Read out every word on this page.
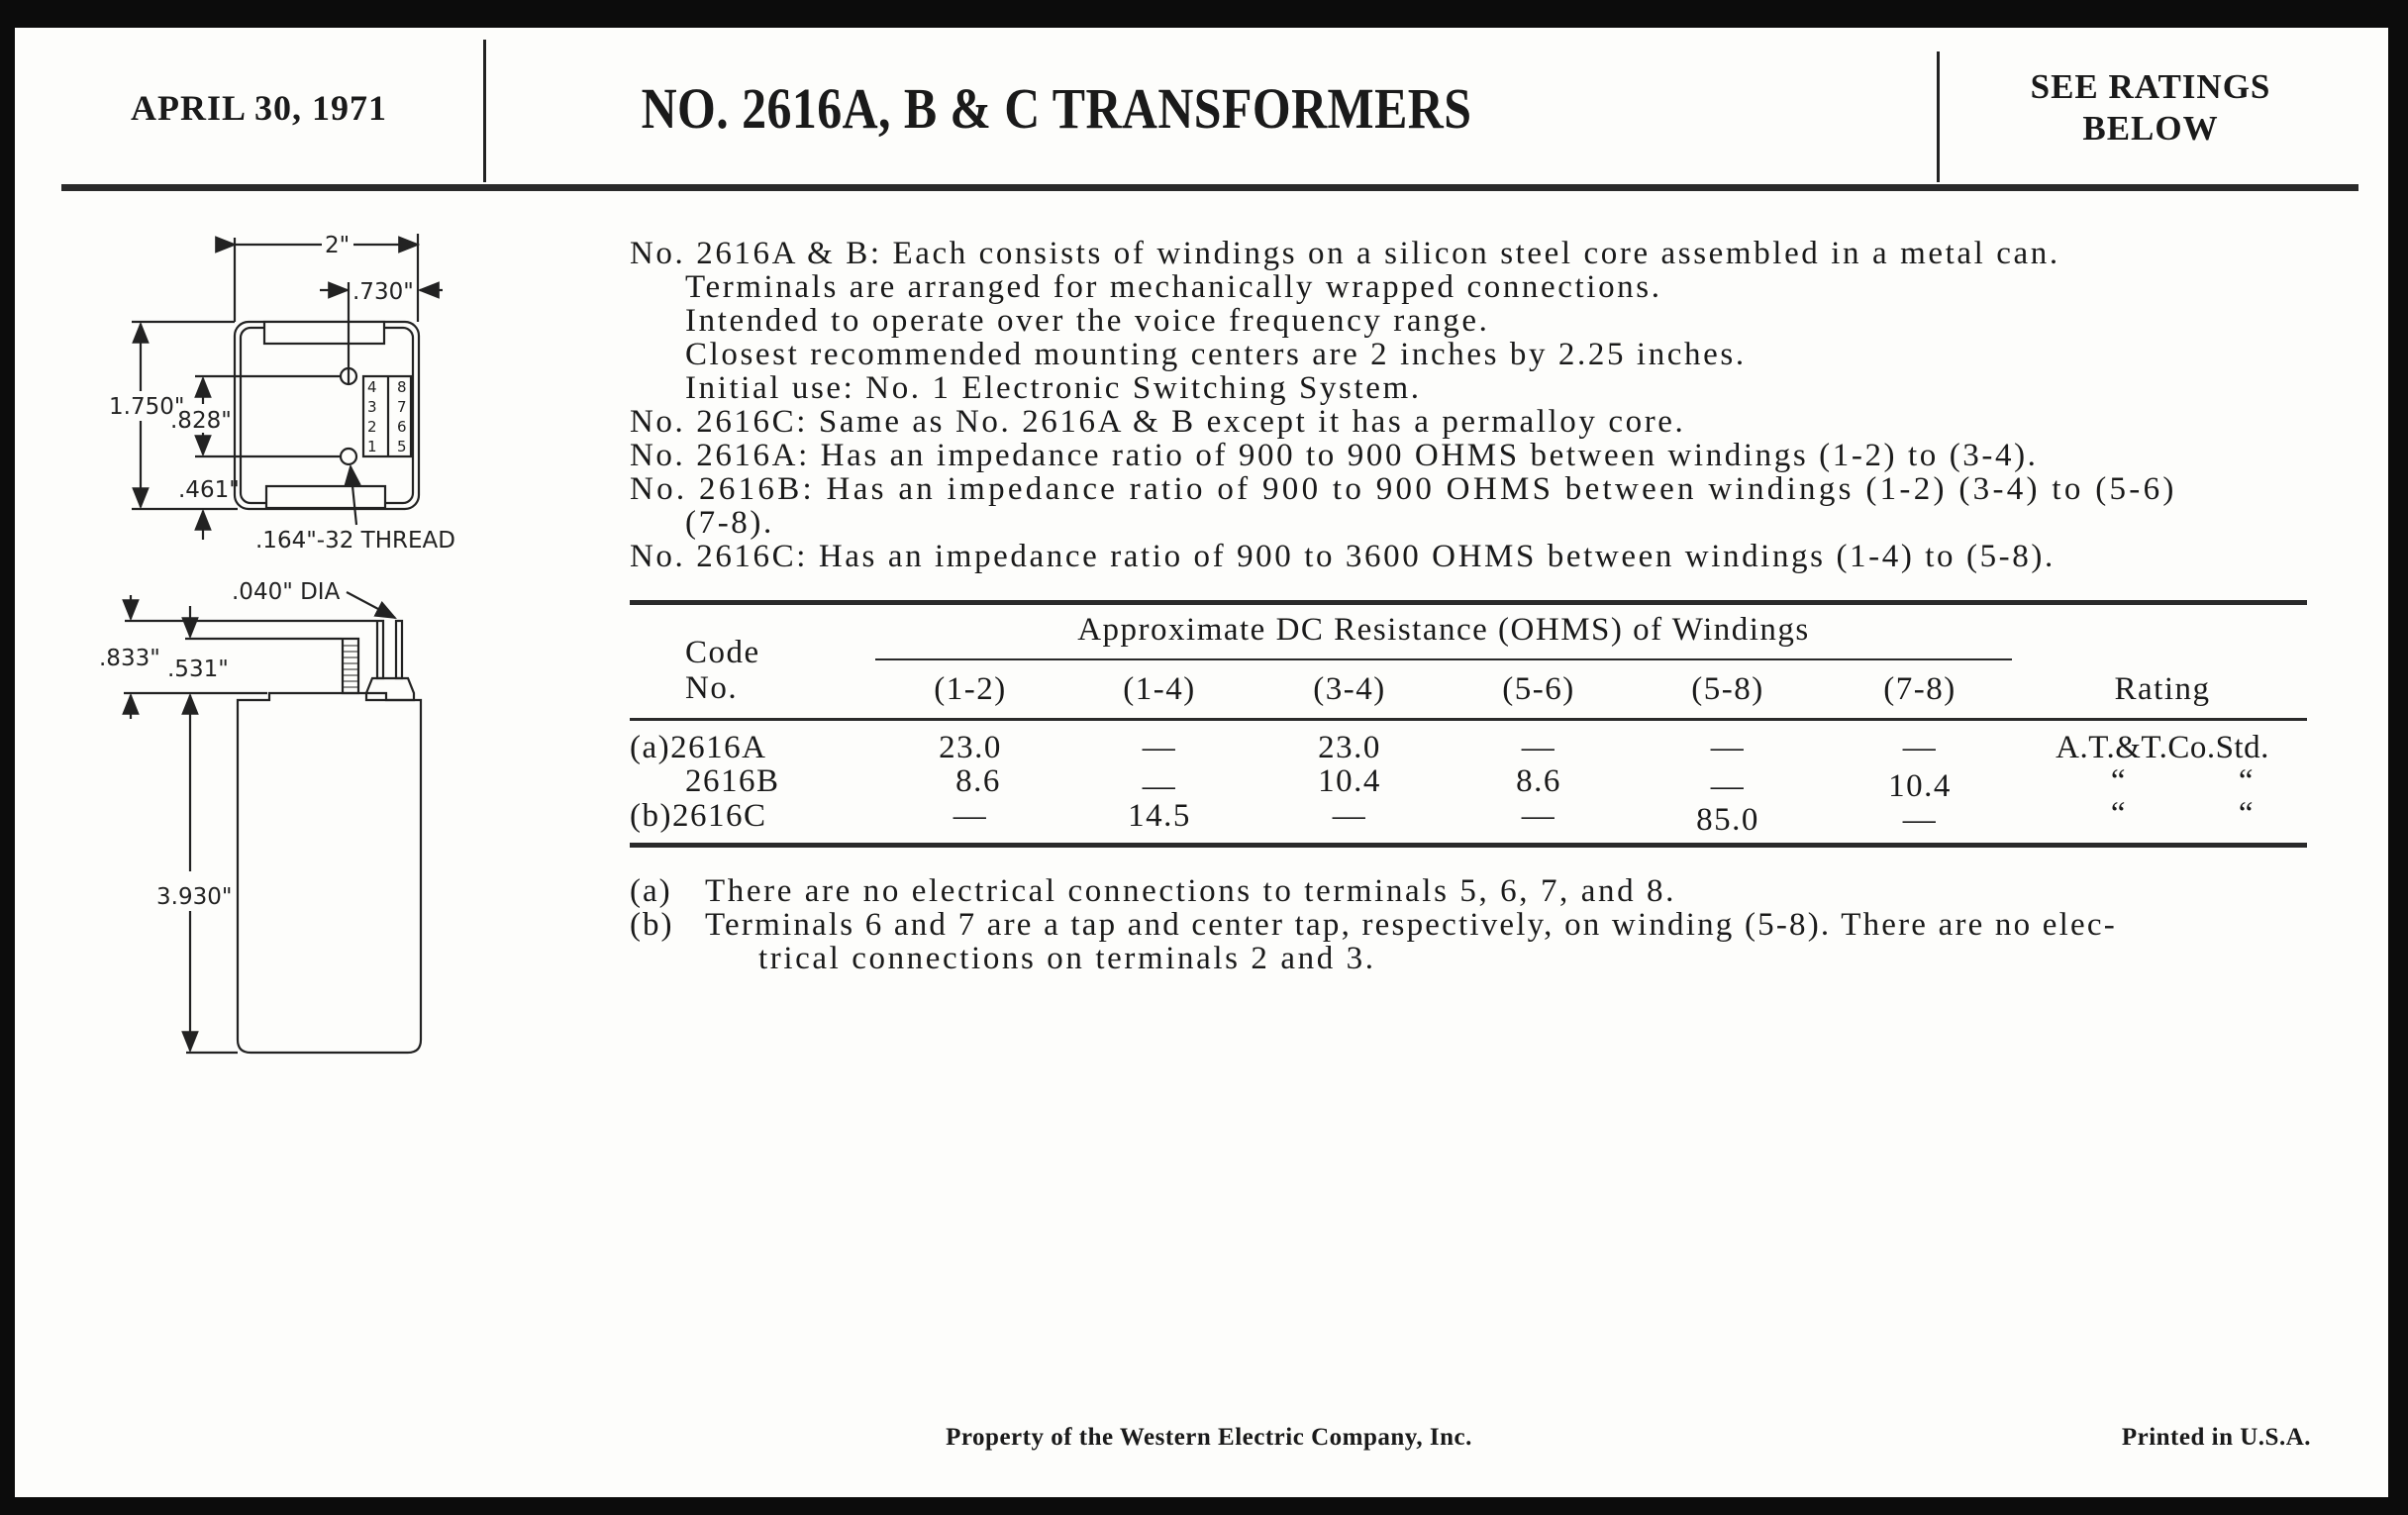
APRIL 30, 1971	NO. 2616A, B & C TRANSFORMERS	SEE RATINGS
BELOW
4
3
2
1
8
7
6
5
2"
.730"
1.750"
.828"
.461"
.164"-32 THREAD
.040" DIA
.833" .531"
3.930"
No. 2616A & B: Each consists of windings on a silicon steel core assembled in a metal can.
Terminals are arranged for mechanically wrapped connections.
Intended to operate over the voice frequency range.
Closest recommended mounting centers are 2 inches by 2.25 inches.
Initial use: No. 1 Electronic Switching System.
No. 2616C: Same as No. 2616A & B except it has a permalloy core.
No. 2616A: Has an impedance ratio of 900 to 900 OHMS between windings (1-2) to (3-4).
No. 2616B: Has an impedance ratio of 900 to 900 OHMS between windings (1-2) (3-4) to (5-6)
(7-8).
No. 2616C: Has an impedance ratio of 900 to 3600 OHMS between windings (1-4) to (5-8).
Approximate DC Resistance (OHMS) of Windings
Code
No.	(1-2)	(1-4)	(3-4)	(5-6)	(5-8)	(7-8)	Rating
(a)2616A	23.0	—	23.0	—	—	—	A.T.&T.Co.Std.
2616B	8.6	—	10.4	8.6	—	10.4	“	“
(b)2616C	—	14.5	—	—	85.0	—	“	“
(a) There are no electrical connections to terminals 5, 6, 7, and 8.
(b) Terminals 6 and 7 are a tap and center tap, respectively, on winding (5-8). There are no elec-
trical connections on terminals 2 and 3.
Property of the Western Electric Company, Inc.	Printed in U.S.A.
